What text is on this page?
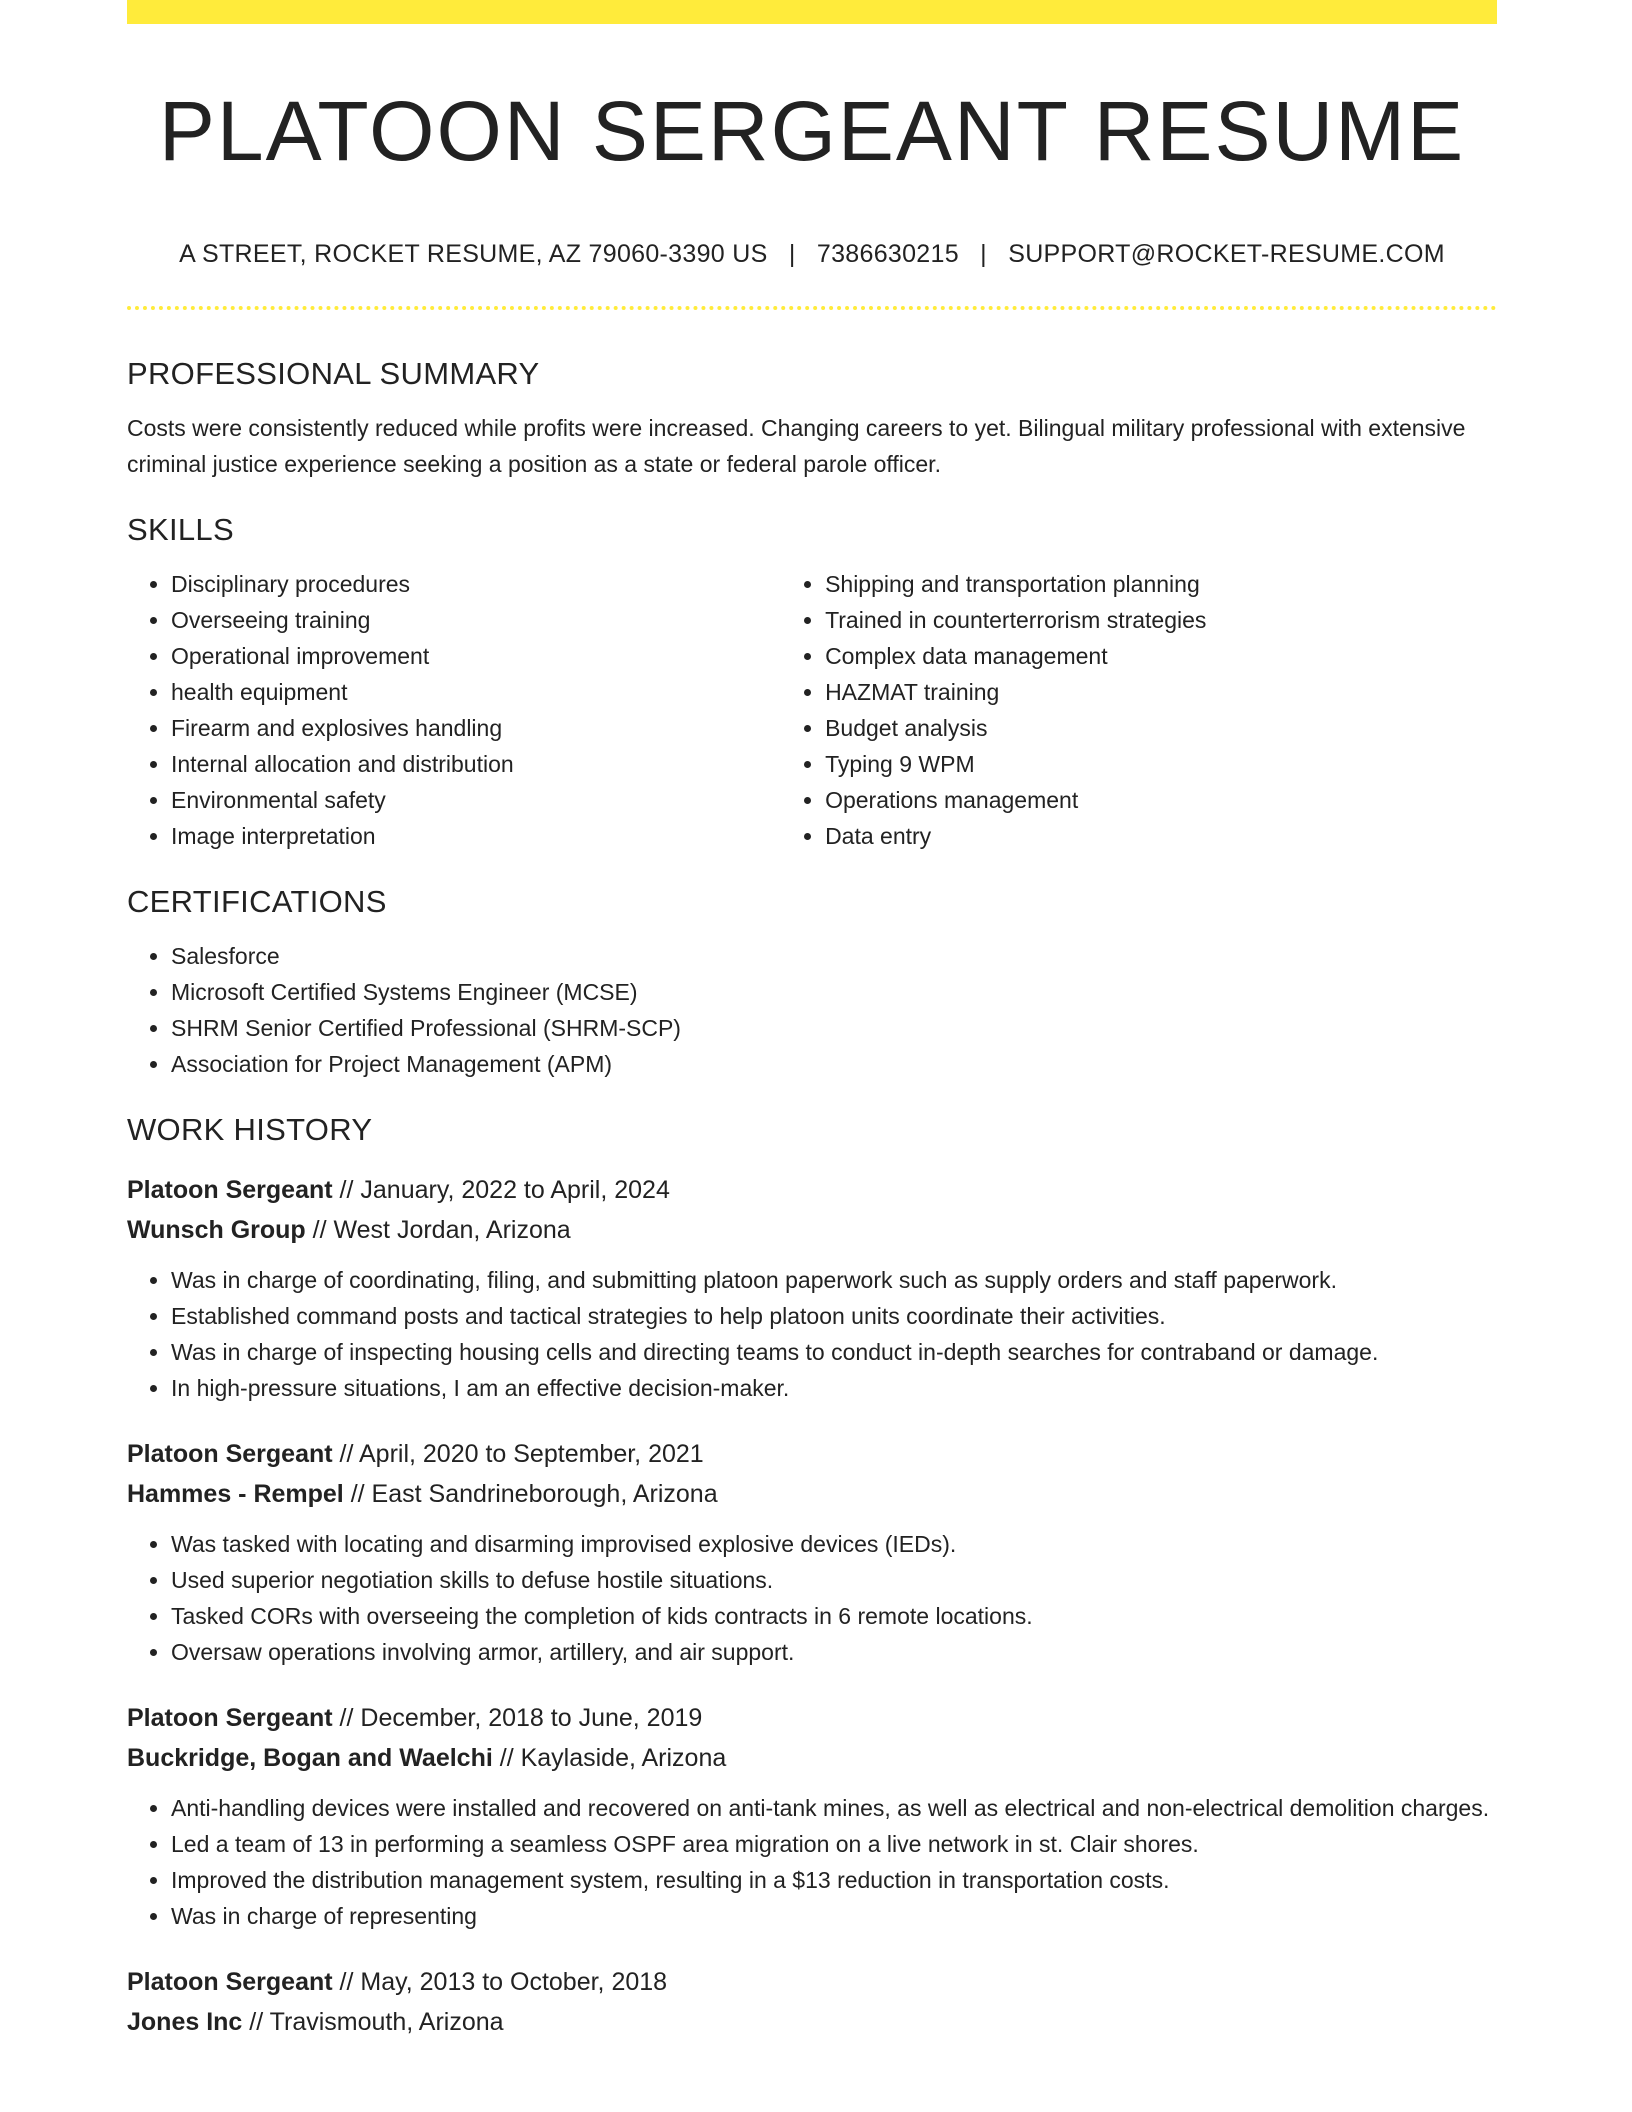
PLATOON SERGEANT RESUME
A STREET, ROCKET RESUME, AZ 79060-3390 US | 7386630215 | SUPPORT@ROCKET-RESUME.COM
PROFESSIONAL SUMMARY

Costs were consistently reduced while profits were increased. Changing careers to yet. Bilingual military professional with extensive criminal justice experience seeking a position as a state or federal parole officer.

SKILLS
• Disciplinary procedures
• Overseeing training
• Operational improvement
• health equipment
• Firearm and explosives handling
• Internal allocation and distribution
• Environmental safety
• Image interpretation
• Shipping and transportation planning
• Trained in counterterrorism strategies
• Complex data management
• HAZMAT training
• Budget analysis
• Typing 9 WPM
• Operations management
• Data entry
CERTIFICATIONS
• Salesforce
• Microsoft Certified Systems Engineer (MCSE)
• SHRM Senior Certified Professional (SHRM-SCP)
• Association for Project Management (APM)
WORK HISTORY
Platoon Sergeant // January, 2022 to April, 2024
Wunsch Group // West Jordan, Arizona
• Was in charge of coordinating, filing, and submitting platoon paperwork such as supply orders and staff paperwork.
• Established command posts and tactical strategies to help platoon units coordinate their activities.
• Was in charge of inspecting housing cells and directing teams to conduct in-depth searches for contraband or damage.
• In high-pressure situations, I am an effective decision-maker.
Platoon Sergeant // April, 2020 to September, 2021
Hammes - Rempel // East Sandrineborough, Arizona
• Was tasked with locating and disarming improvised explosive devices (IEDs).
• Used superior negotiation skills to defuse hostile situations.
• Tasked CORs with overseeing the completion of kids contracts in 6 remote locations.
• Oversaw operations involving armor, artillery, and air support.
Platoon Sergeant // December, 2018 to June, 2019
Buckridge, Bogan and Waelchi // Kaylaside, Arizona
• Anti-handling devices were installed and recovered on anti-tank mines, as well as electrical and non-electrical demolition charges.
• Led a team of 13 in performing a seamless OSPF area migration on a live network in st. Clair shores.
• Improved the distribution management system, resulting in a $13 reduction in transportation costs.
• Was in charge of representing
Platoon Sergeant // May, 2013 to October, 2018
Jones Inc // Travismouth, Arizona
